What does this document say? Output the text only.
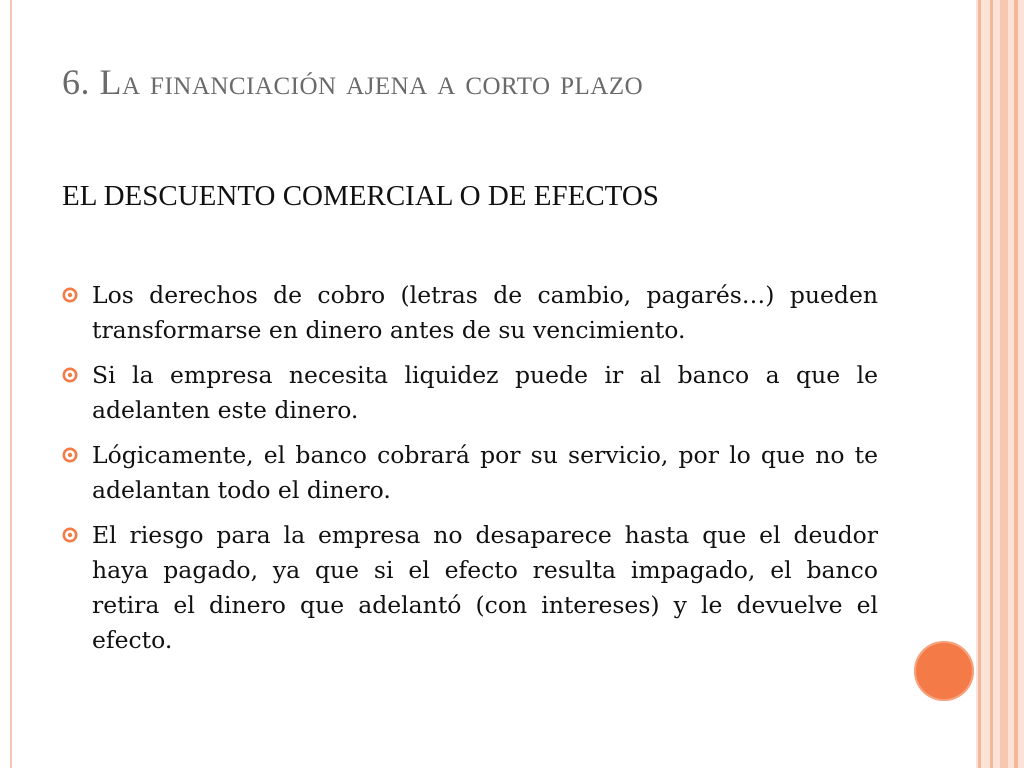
6. La financiación ajena a corto plazo
EL DESCUENTO COMERCIAL O DE EFECTOS
Los derechos de cobro (letras de cambio, pagarés…) pueden transformarse en dinero antes de su vencimiento.
Si la empresa necesita liquidez puede ir al banco a que le adelanten este dinero.
Lógicamente, el banco cobrará por su servicio, por lo que no te adelantan todo el dinero.
El riesgo para la empresa no desaparece hasta que el deudor haya pagado, ya que si el efecto resulta impagado, el banco retira el dinero que adelantó (con intereses) y le devuelve el efecto.
